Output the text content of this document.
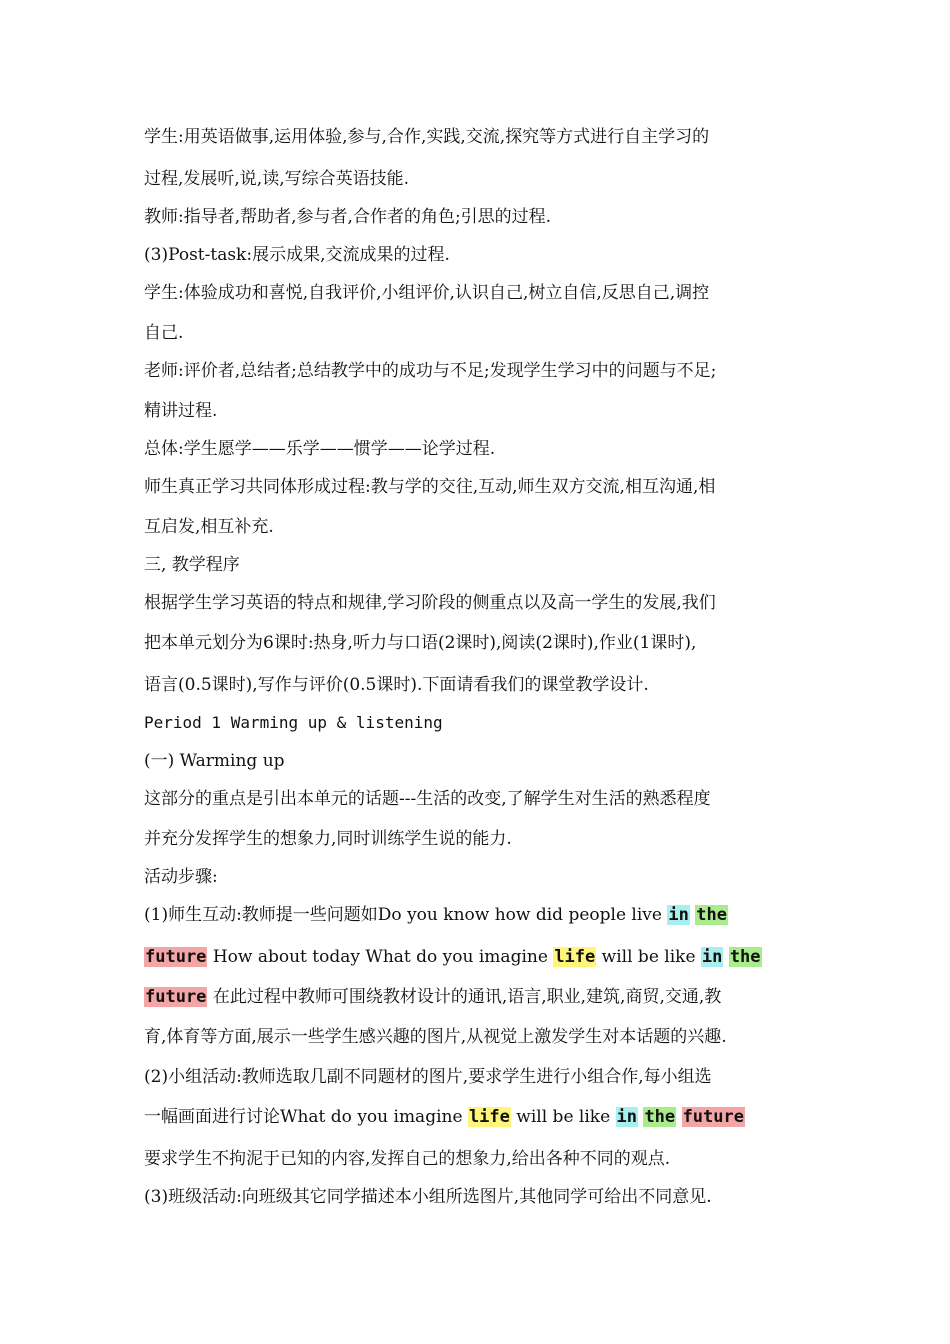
学生:用英语做事,运用体验,参与,合作,实践,交流,探究等方式进行自主学习的
过程,发展听,说,读,写综合英语技能.
教师:指导者,帮助者,参与者,合作者的角色;引思的过程.
(3)Post-task:展示成果,交流成果的过程.
学生:体验成功和喜悦,自我评价,小组评价,认识自己,树立自信,反思自己,调控
自己.
老师:评价者,总结者;总结教学中的成功与不足;发现学生学习中的问题与不足;
精讲过程.
总体:学生愿学——乐学——惯学——论学过程.
师生真正学习共同体形成过程:教与学的交往,互动,师生双方交流,相互沟通,相
互启发,相互补充.
三, 教学程序
根据学生学习英语的特点和规律,学习阶段的侧重点以及高一学生的发展,我们
把本单元划分为6课时:热身,听力与口语(2课时),阅读(2课时),作业(1课时),
语言(0.5课时),写作与评价(0.5课时).下面请看我们的课堂教学设计.
Period 1 Warming up & listening
(一) Warming up
这部分的重点是引出本单元的话题---生活的改变,了解学生对生活的熟悉程度
并充分发挥学生的想象力,同时训练学生说的能力.
活动步骤:
(1)师生互动:教师提一些问题如Do you know how did people live in the
future How about today What do you imagine life will be like in the
future 在此过程中教师可围绕教材设计的通讯,语言,职业,建筑,商贸,交通,教
育,体育等方面,展示一些学生感兴趣的图片,从视觉上激发学生对本话题的兴趣.
(2)小组活动:教师选取几副不同题材的图片,要求学生进行小组合作,每小组选
一幅画面进行讨论What do you imagine life will be like in the future
要求学生不拘泥于已知的内容,发挥自己的想象力,给出各种不同的观点.
(3)班级活动:向班级其它同学描述本小组所选图片,其他同学可给出不同意见.
